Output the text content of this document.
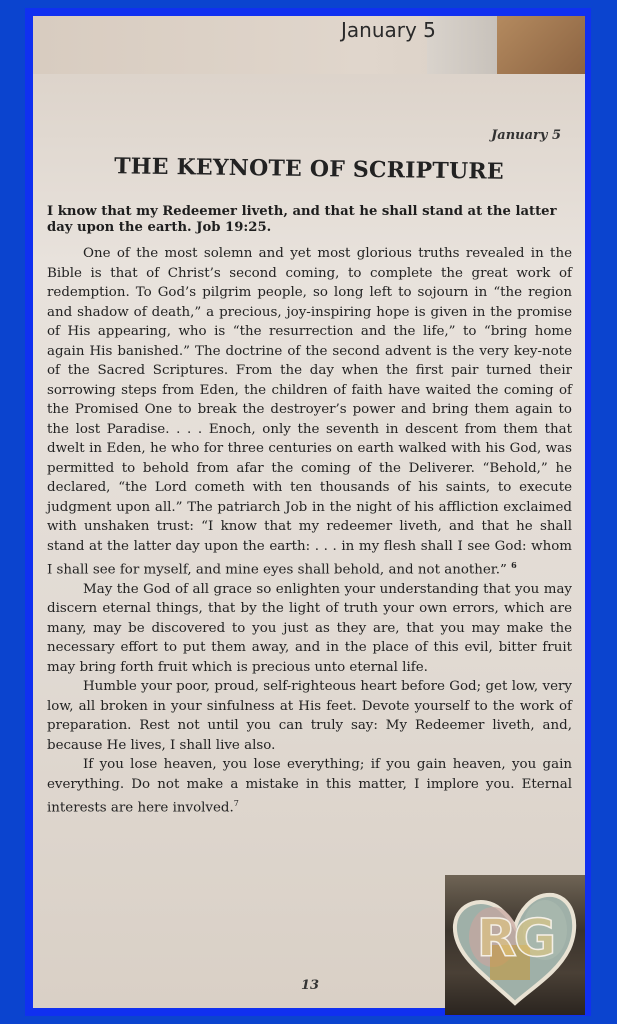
January 5
January 5
THE KEYNOTE OF SCRIPTURE
I know that my Redeemer liveth, and that he shall stand at the latter day upon the earth. Job 19:25.

One of the most solemn and yet most glorious truths revealed in the Bible is that of Christ’s second coming, to complete the great work of redemption. To God’s pilgrim people, so long left to sojourn in “the region and shadow of death,” a precious, joy-inspiring hope is given in the promise of His appearing, who is “the resurrection and the life,” to “bring home again His banished.” The doctrine of the second advent is the very key-note of the Sacred Scriptures. From the day when the first pair turned their sorrowing steps from Eden, the children of faith have waited the coming of the Promised One to break the destroyer’s power and bring them again to the lost Paradise. . . . Enoch, only the seventh in descent from them that dwelt in Eden, he who for three centuries on earth walked with his God, was permitted to behold from afar the coming of the Deliverer. “Behold,” he declared, “the Lord cometh with ten thousands of his saints, to execute judgment upon all.” The patriarch Job in the night of his affliction exclaimed with unshaken trust: “I know that my redeemer liveth, and that he shall stand at the latter day upon the earth: . . . in my flesh shall I see God: whom I shall see for myself, and mine eyes shall behold, and not another.” $^6$

May the God of all grace so enlighten your understanding that you may discern eternal things, that by the light of truth your own errors, which are many, may be discovered to you just as they are, that you may make the necessary effort to put them away, and in the place of this evil, bitter fruit may bring forth fruit which is precious unto eternal life.

Humble your poor, proud, self-righteous heart before God; get low, very low, all broken in your sinfulness at His feet. Devote yourself to the work of preparation. Rest not until you can truly say: My Redeemer liveth, and, because He lives, I shall live also.

If you lose heaven, you lose everything; if you gain heaven, you gain everything. Do not make a mistake in this matter, I implore you. Eternal interests are here involved.$^7$

13
RG
